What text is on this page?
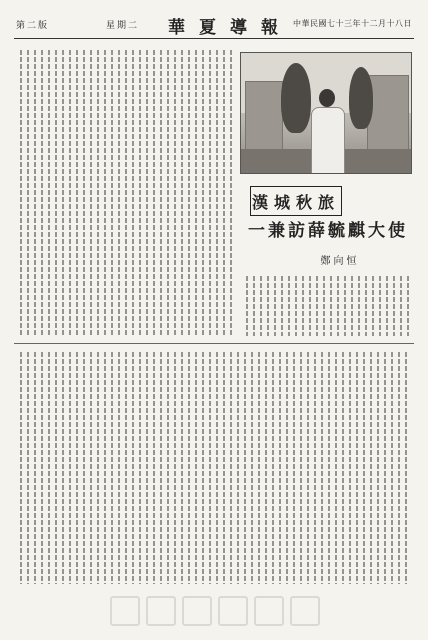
第二版	星期二 華夏導報 中華民國七十三年十二月十八日
漢城秋旅
一兼訪薛毓麒大使
鄭向恒
